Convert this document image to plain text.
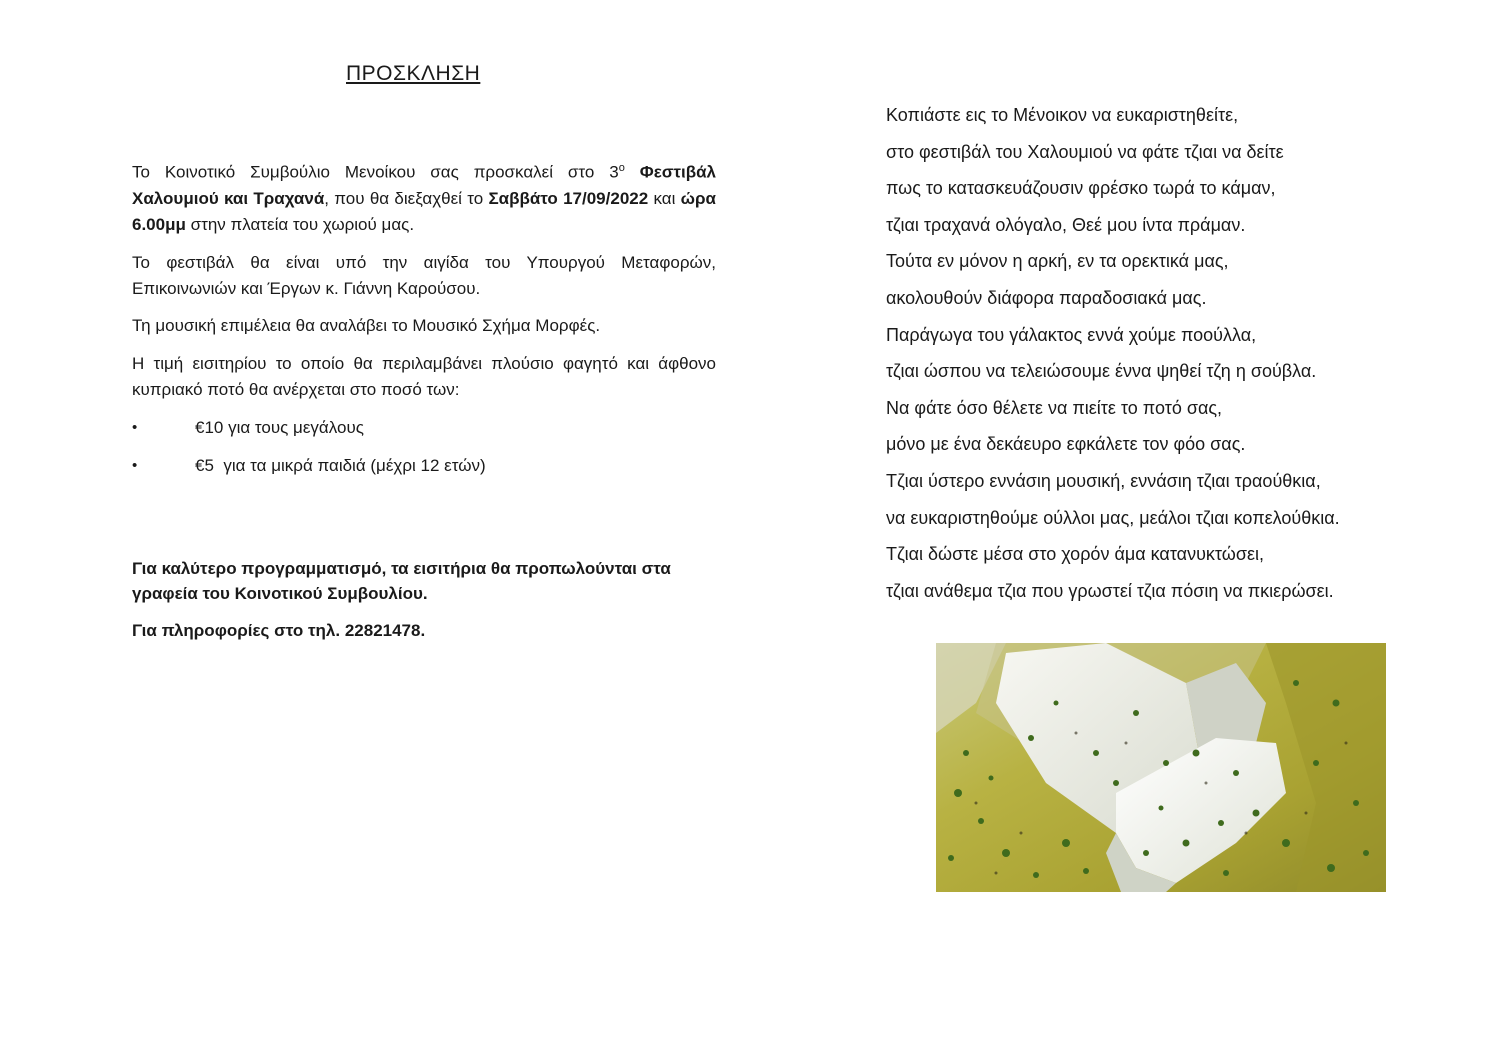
ΠΡΟΣΚΛΗΣΗ

Το Κοινοτικό Συμβούλιο Μενοίκου σας προσκαλεί στο $3^o$ Φεστιβάλ Χαλουμιού και Τραχανά, που θα διεξαχθεί το Σαββάτο 17/09/2022 και ώρα 6.00μμ στην πλατεία του χωριού μας.

Το φεστιβάλ θα είναι υπό την αιγίδα του Υπουργού Μεταφορών, Επικοινωνιών και Έργων κ. Γιάννη Καρούσου.

Τη μουσική επιμέλεια θα αναλάβει το Μουσικό Σχήμα Μορφές.

Η τιμή εισιτηρίου το οποίο θα περιλαμβάνει πλούσιο φαγητό και άφθονο κυπριακό ποτό θα ανέρχεται στο ποσό των:

•	€10 για τους μεγάλους
•	€5  για τα μικρά παιδιά (μέχρι 12 ετών)

Για καλύτερο προγραμματισμό, τα εισιτήρια θα προπωλούνται στα γραφεία του Κοινοτικού Συμβουλίου.

Για πληροφορίες στο τηλ. 22821478.

Κοπιάστε εις το Μένοικον να ευκαριστηθείτε,
στο φεστιβάλ του Χαλουμιού να φάτε τζιαι να δείτε
πως το κατασκευάζουσιν φρέσκο τωρά το κάμαν,
τζιαι τραχανά ολόγαλο, Θεέ μου ίντα πράμαν.
Τούτα εν μόνον η αρκή, εν τα ορεκτικά μας,
ακολουθούν διάφορα παραδοσιακά μας.
Παράγωγα του γάλακτος εννά χούμε ποούλλα,
τζιαι ώσπου να τελειώσουμε έννα ψηθεί τζη η σούβλα.
Να φάτε όσο θέλετε να πιείτε το ποτό σας,
μόνο με ένα δεκάευρο εφκάλετε τον φόο σας.
Τζιαι ύστερο εννάσιη μουσική, εννάσιη τζιαι τραούθκια,
να ευκαριστηθούμε ούλλοι μας, μεάλοι τζιαι κοπελούθκια.
Τζιαι δώστε μέσα στο χορόν άμα κατανυκτώσει,
τζιαι ανάθεμα τζια που γρωστεί τζια πόσιη να πκιερώσει.
